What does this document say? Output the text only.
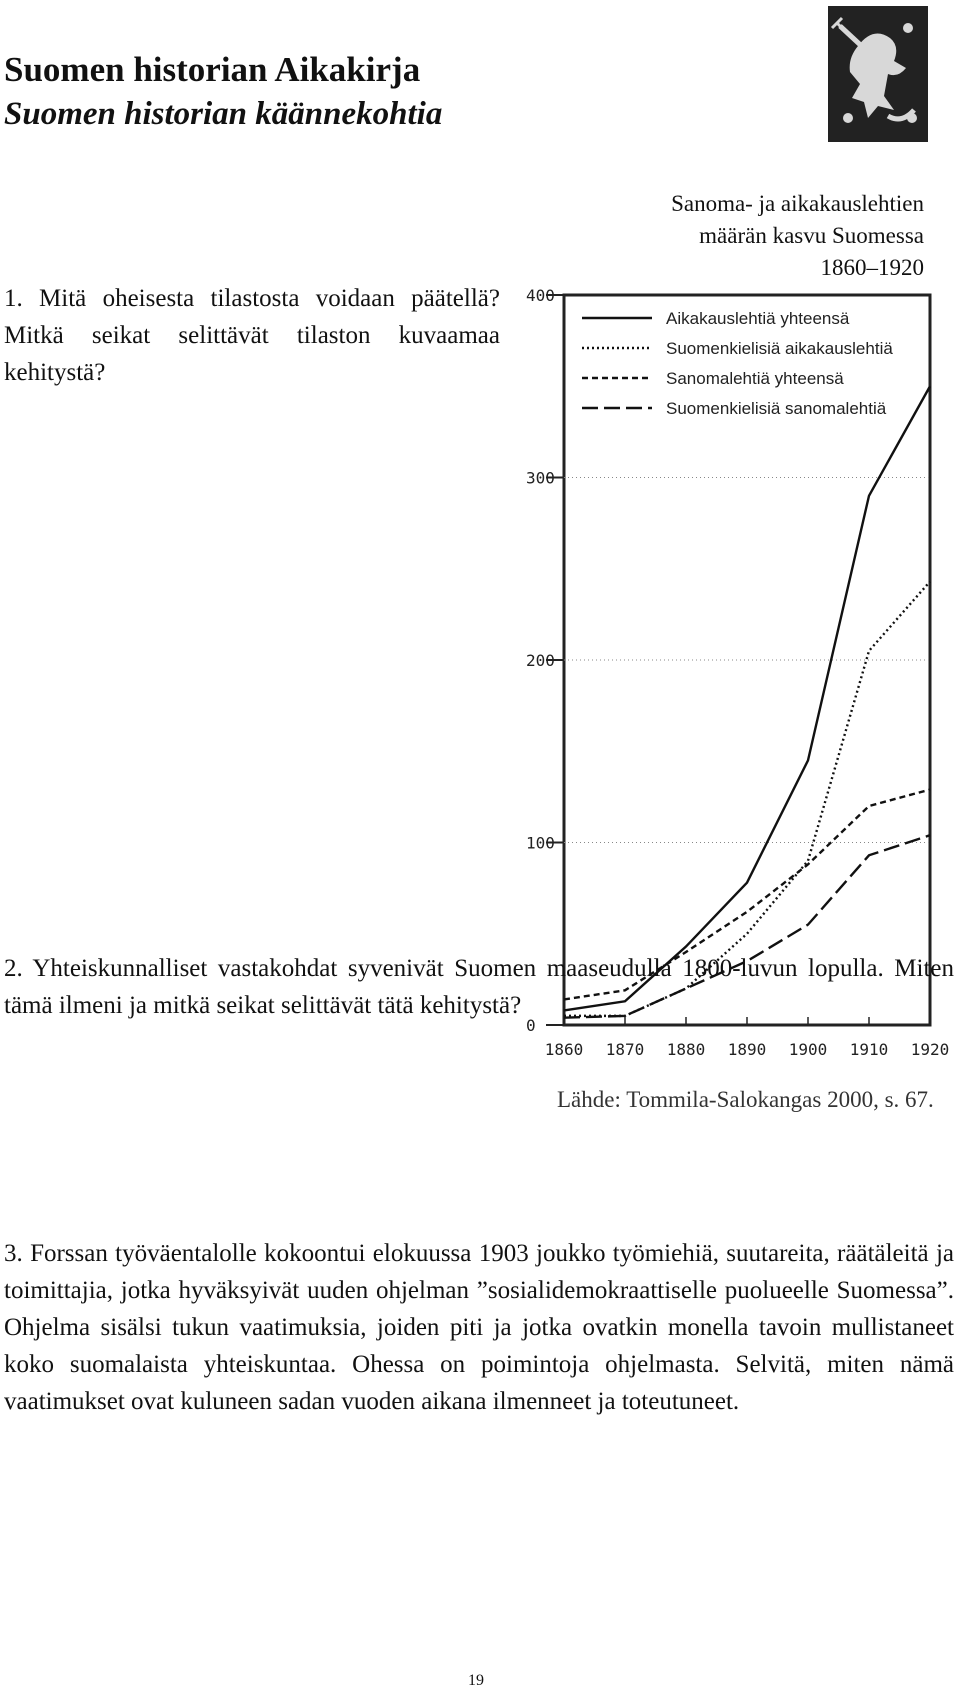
Suomen historian Aikakirja
Suomen historian käännekohtia
Sanoma- ja aikakauslehtien
määrän kasvu Suomessa
1860–1920

1. Mitä oheisesta tilastosta voidaan päätellä? Mitkä seikat selittävät tilaston kuvaamaa kehitystä?

0
100
200
300
400
1860 1870 1880 1890 1900 1910 1920
Aikakauslehtiä yhteensä
Suomenkielisiä aikakauslehtiä
Sanomalehtiä yhteensä
Suomenkielisiä sanomalehtiä
Lähde: Tommila-Salokangas 2000, s. 67.

2. Yhteiskunnalliset vastakohdat syvenivät Suomen maaseudulla 1800-luvun lopulla. Miten tämä ilmeni ja mitkä seikat selittävät tätä kehitystä?

3. Forssan työväentalolle kokoontui elokuussa 1903 joukko työmiehiä, suutareita, räätäleitä ja toimittajia, jotka hyväksyivät uuden ohjelman ”sosialidemokraattiselle puolueelle Suomessa”. Ohjelma sisälsi tukun vaatimuksia, joiden piti ja jotka ovatkin monella tavoin mullistaneet koko suomalaista yhteiskuntaa. Ohessa on poimintoja ohjelmasta. Selvitä, miten nämä vaatimukset ovat kuluneen sadan vuoden aikana ilmenneet ja toteutuneet.

19
